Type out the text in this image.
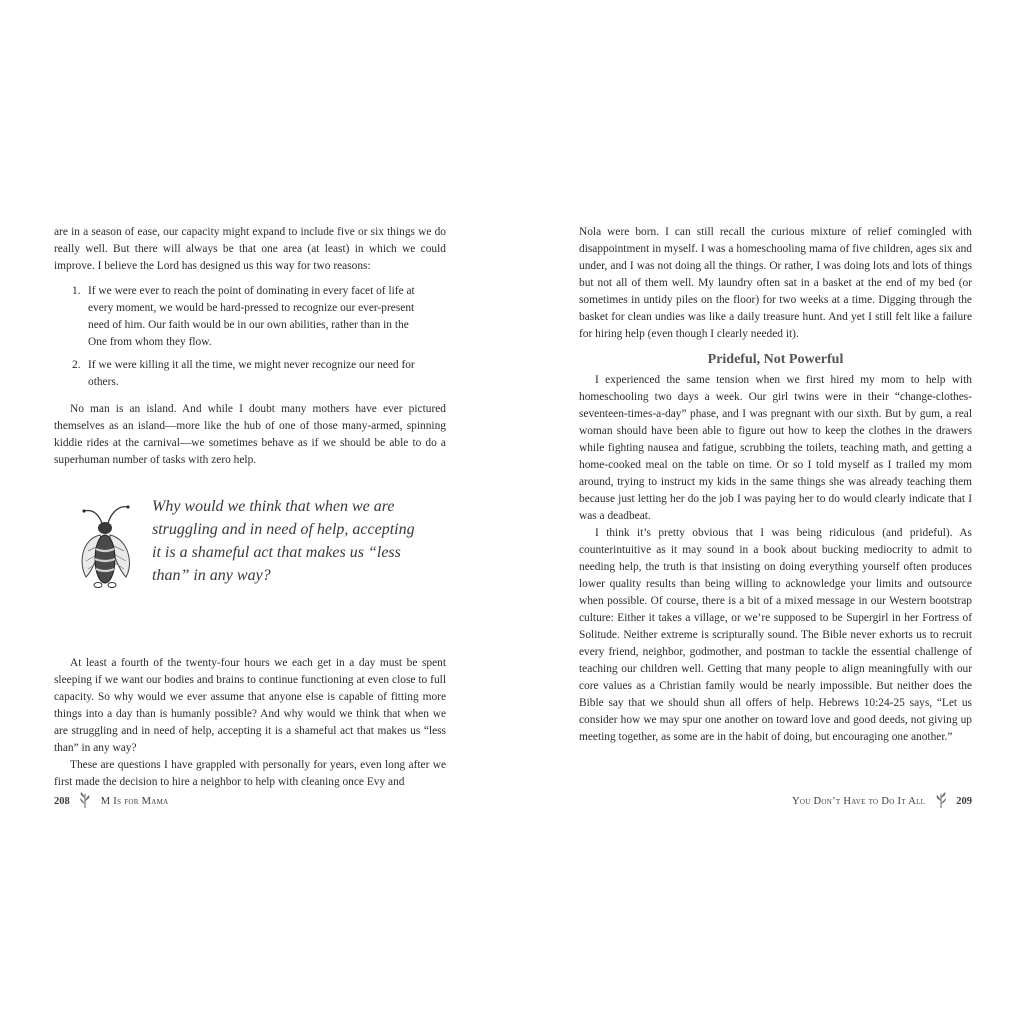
are in a season of ease, our capacity might expand to include five or six things we do really well. But there will always be that one area (at least) in which we could improve. I believe the Lord has designed us this way for two reasons:

1. If we were ever to reach the point of dominating in every facet of life at every moment, we would be hard-pressed to recognize our ever-present need of him. Our faith would be in our own abilities, rather than in the One from whom they flow.
2. If we were killing it all the time, we might never recognize our need for others.

No man is an island. And while I doubt many mothers have ever pictured themselves as an island—more like the hub of one of those many-armed, spinning kiddie rides at the carnival—we sometimes behave as if we should be able to do a superhuman number of tasks with zero help.

Why would we think that when we are struggling and in need of help, accepting it is a shameful act that makes us “less than” in any way?

At least a fourth of the twenty-four hours we each get in a day must be spent sleeping if we want our bodies and brains to continue functioning at even close to full capacity. So why would we ever assume that anyone else is capable of fitting more things into a day than is humanly possible? And why would we think that when we are struggling and in need of help, accepting it is a shameful act that makes us “less than” in any way?

These are questions I have grappled with personally for years, even long after we first made the decision to hire a neighbor to help with cleaning once Evy and

208	M Is for Mama

Nola were born. I can still recall the curious mixture of relief comingled with disappointment in myself. I was a homeschooling mama of five children, ages six and under, and I was not doing all the things. Or rather, I was doing lots and lots of things but not all of them well. My laundry often sat in a basket at the end of my bed (or sometimes in untidy piles on the floor) for two weeks at a time. Digging through the basket for clean undies was like a daily treasure hunt. And yet I still felt like a failure for hiring help (even though I clearly needed it).

Prideful, Not Powerful

I experienced the same tension when we first hired my mom to help with homeschooling two days a week. Our girl twins were in their “change-clothes-seventeen-times-a-day” phase, and I was pregnant with our sixth. But by gum, a real woman should have been able to figure out how to keep the clothes in the drawers while fighting nausea and fatigue, scrubbing the toilets, teaching math, and getting a home-cooked meal on the table on time. Or so I told myself as I trailed my mom around, trying to instruct my kids in the same things she was already teaching them because just letting her do the job I was paying her to do would clearly indicate that I was a deadbeat.

I think it’s pretty obvious that I was being ridiculous (and prideful). As counterintuitive as it may sound in a book about bucking mediocrity to admit to needing help, the truth is that insisting on doing everything yourself often produces lower quality results than being willing to acknowledge your limits and outsource when possible. Of course, there is a bit of a mixed message in our Western bootstrap culture: Either it takes a village, or we’re supposed to be Supergirl in her Fortress of Solitude. Neither extreme is scripturally sound. The Bible never exhorts us to recruit every friend, neighbor, godmother, and postman to tackle the essential challenge of teaching our children well. Getting that many people to align meaningfully with our core values as a Christian family would be nearly impossible. But neither does the Bible say that we should shun all offers of help. Hebrews 10:24-25 says, “Let us consider how we may spur one another on toward love and good deeds, not giving up meeting together, as some are in the habit of doing, but encouraging one another.”

You Don’t Have to Do It All	209
